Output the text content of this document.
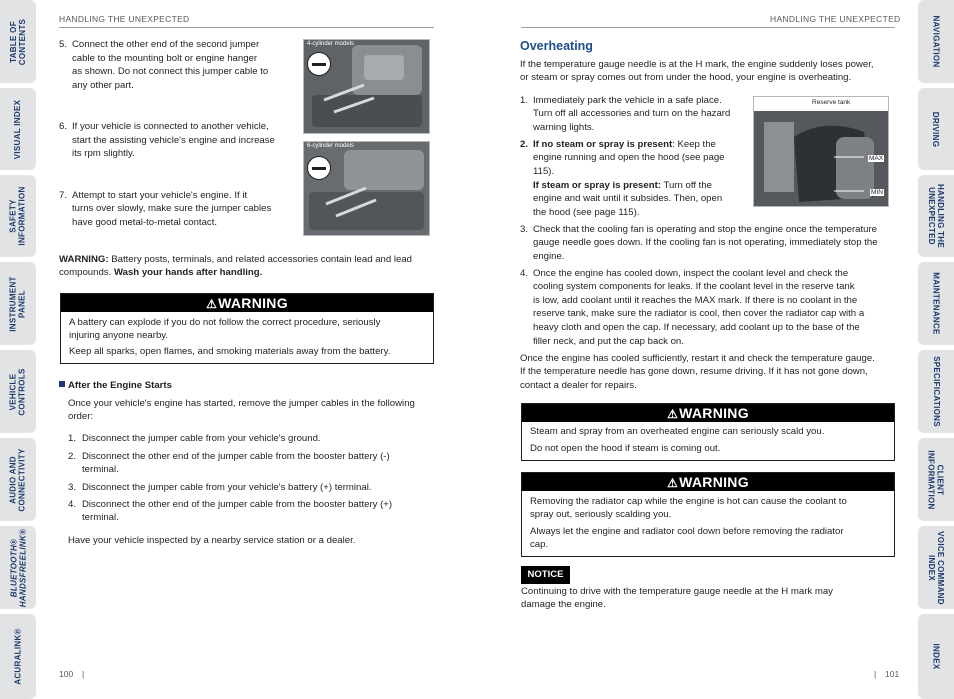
TABLE OF
CONTENTS
VISUAL INDEX
SAFETY
INFORMATION
INSTRUMENT
PANEL
VEHICLE
CONTROLS
AUDIO AND
CONNECTIVITY
BLUETOOTH®
HANDSFREELINK®
ACURALINK®
NAVIGATION
DRIVING
HANDLING THE
UNEXPECTED
MAINTENANCE
SPECIFICATIONS
CLIENT
INFORMATION
VOICE COMMAND
INDEX
INDEX
HANDLING THE UNEXPECTED	HANDLING THE UNEXPECTED
5. Connect the other end of the second jumper

cable to the mounting bolt or engine hanger

as shown. Do not connect this jumper cable to

any other part.

6. If your vehicle is connected to another vehicle,

start the assisting vehicle's engine and increase

its rpm slightly.

7. Attempt to start your vehicle's engine. If it

turns over slowly, make sure the jumper cables

have good metal-to-metal contact.

4-cylinder models
6-cylinder models

WARNING: Battery posts, terminals, and related accessories contain lead and lead

compounds. Wash your hands after handling.

⚠WARNING

A battery can explode if you do not follow the correct procedure, seriously

injuring anyone nearby.

Keep all sparks, open flames, and smoking materials away from the battery.

After the Engine Starts

Once your vehicle's engine has started, remove the jumper cables in the following

order:

1. Disconnect the jumper cable from your vehicle's ground.

2. Disconnect the other end of the jumper cable from the booster battery (-)

terminal.

3. Disconnect the jumper cable from your vehicle's battery (+) terminal.

4. Disconnect the other end of the jumper cable from the booster battery (+)

terminal.

Have your vehicle inspected by a nearby service station or a dealer.

Overheating

If the temperature gauge needle is at the H mark, the engine suddenly loses power,

or steam or spray comes out from under the hood, your engine is overheating.

Reserve tank
MAX
MIN
1. Immediately park the vehicle in a safe place.

Turn off all accessories and turn on the hazard

warning lights.

2. If no steam or spray is present: Keep the

engine running and open the hood (see page

115).

If steam or spray is present: Turn off the

engine and wait until it subsides. Then, open

the hood (see page 115).

3. Check that the cooling fan is operating and stop the engine once the temperature

gauge needle goes down. If the cooling fan is not operating, immediately stop the

engine.

4. Once the engine has cooled down, inspect the coolant level and check the

cooling system components for leaks. If the coolant level in the reserve tank

is low, add coolant until it reaches the MAX mark. If there is no coolant in the

reserve tank, make sure the radiator is cool, then cover the radiator cap with a

heavy cloth and open the cap. If necessary, add coolant up to the base of the

filler neck, and put the cap back on.

Once the engine has cooled sufficiently, restart it and check the temperature gauge.

If the temperature needle has gone down, resume driving. If it has not gone down,

contact a dealer for repairs.

⚠WARNING

Steam and spray from an overheated engine can seriously scald you.

Do not open the hood if steam is coming out.

⚠WARNING

Removing the radiator cap while the engine is hot can cause the coolant to

spray out, seriously scalding you.

Always let the engine and radiator cool down before removing the radiator

cap.

NOTICE

Continuing to drive with the temperature gauge needle at the H mark may

damage the engine.

100 |	| 101
